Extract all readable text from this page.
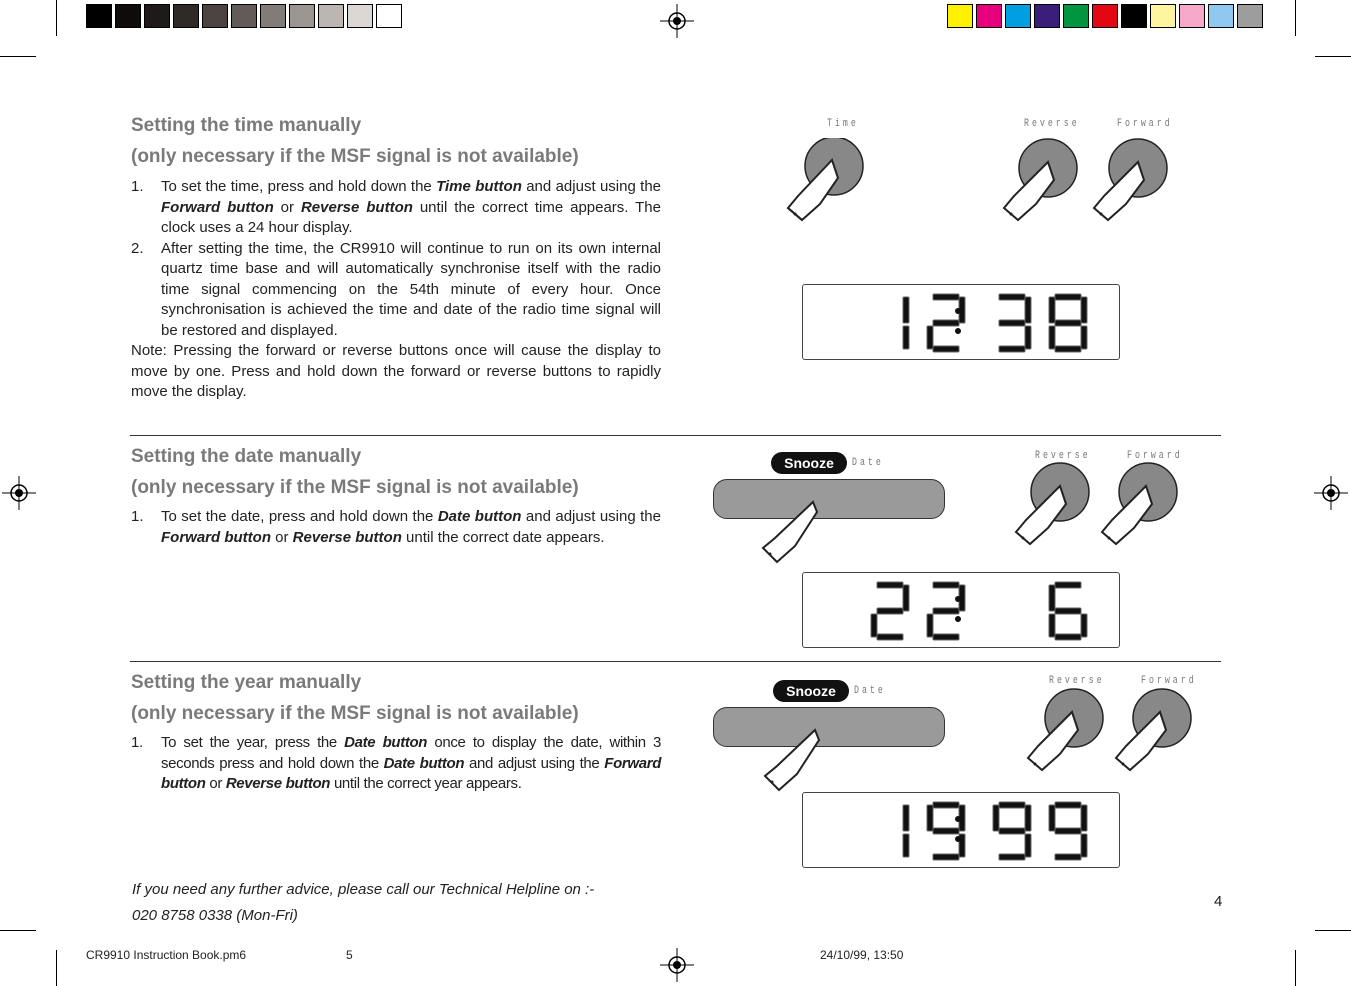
Setting the time manually
(only necessary if the MSF signal is not available)
1. To set the time, press and hold down the Time button and adjust using the Forward button or Reverse button until the correct time appears. The clock uses a 24 hour display.
2. After setting the time, the CR9910 will continue to run on its own internal quartz time base and will automatically synchronise itself with the radio time signal commencing on the 54th minute of every hour. Once synchronisation is achieved the time and date of the radio time signal will be restored and displayed.
Note: Pressing the forward or reverse buttons once will cause the display to move by one. Press and hold down the forward or reverse buttons to rapidly move the display.
Time	Reverse	Forward
Setting the date manually
(only necessary if the MSF signal is not available)
1. To set the date, press and hold down the Date button and adjust using the Forward button or Reverse button until the correct date appears.
Snooze	Date
Reverse	Forward
Setting the year manually
(only necessary if the MSF signal is not available)
1. To set the year, press the Date button once to display the date, within 3 seconds press and hold down the Date button and adjust using the Forward button or Reverse button until the correct year appears.
Snooze	Date
Reverse	Forward
If you need any further advice, please call our Technical Helpline on :-
020 8758 0338 (Mon-Fri)
4
CR9910 Instruction Book.pm6	5	24/10/99, 13:50
